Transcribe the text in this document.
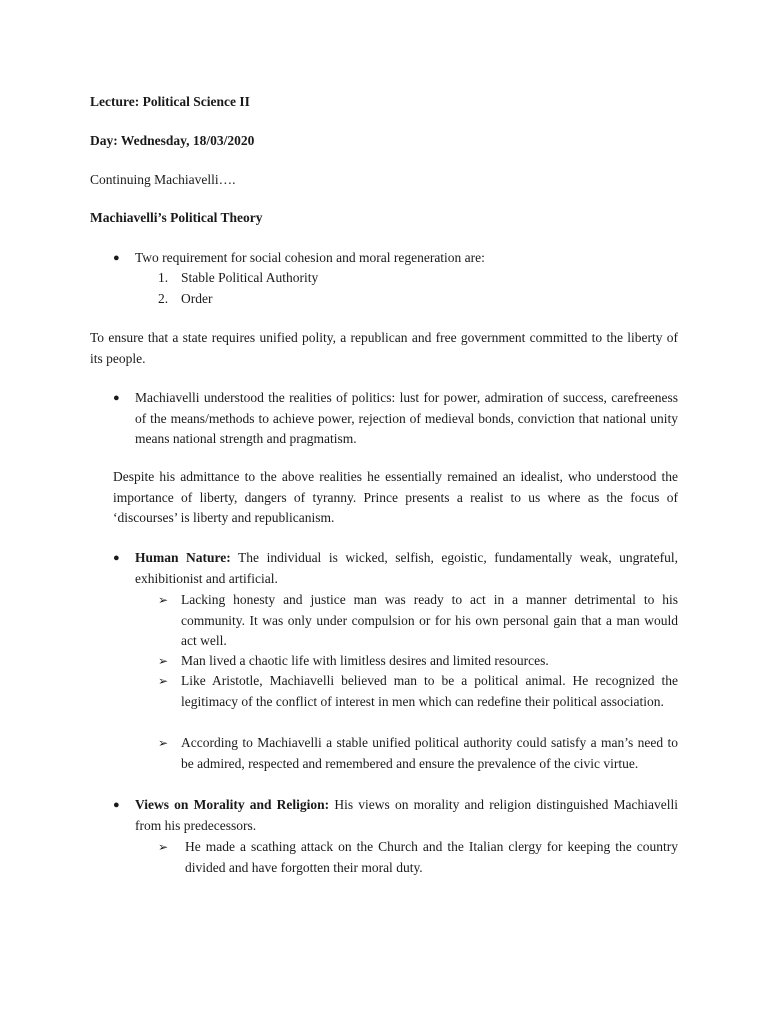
Lecture: Political Science II
Day: Wednesday, 18/03/2020
Continuing Machiavelli….
Machiavelli’s Political Theory
● Two requirement for social cohesion and moral regeneration are:
1. Stable Political Authority
2. Order
To ensure that a state requires unified polity, a republican and free government committed to the liberty of its people.
● Machiavelli understood the realities of politics: lust for power, admiration of success, carefreeness of the means/methods to achieve power, rejection of medieval bonds, conviction that national unity means national strength and pragmatism.
Despite his admittance to the above realities he essentially remained an idealist, who understood the importance of liberty, dangers of tyranny. Prince presents a realist to us where as the focus of ‘discourses’ is liberty and republicanism.
● Human Nature: The individual is wicked, selfish, egoistic, fundamentally weak, ungrateful, exhibitionist and artificial.
➢ Lacking honesty and justice man was ready to act in a manner detrimental to his community. It was only under compulsion or for his own personal gain that a man would act well.
➢ Man lived a chaotic life with limitless desires and limited resources.
➢ Like Aristotle, Machiavelli believed man to be a political animal. He recognized the legitimacy of the conflict of interest in men which can redefine their political association.
➢ According to Machiavelli a stable unified political authority could satisfy a man’s need to be admired, respected and remembered and ensure the prevalence of the civic virtue.
● Views on Morality and Religion: His views on morality and religion distinguished Machiavelli from his predecessors.
➢ He made a scathing attack on the Church and the Italian clergy for keeping the country divided and have forgotten their moral duty.
